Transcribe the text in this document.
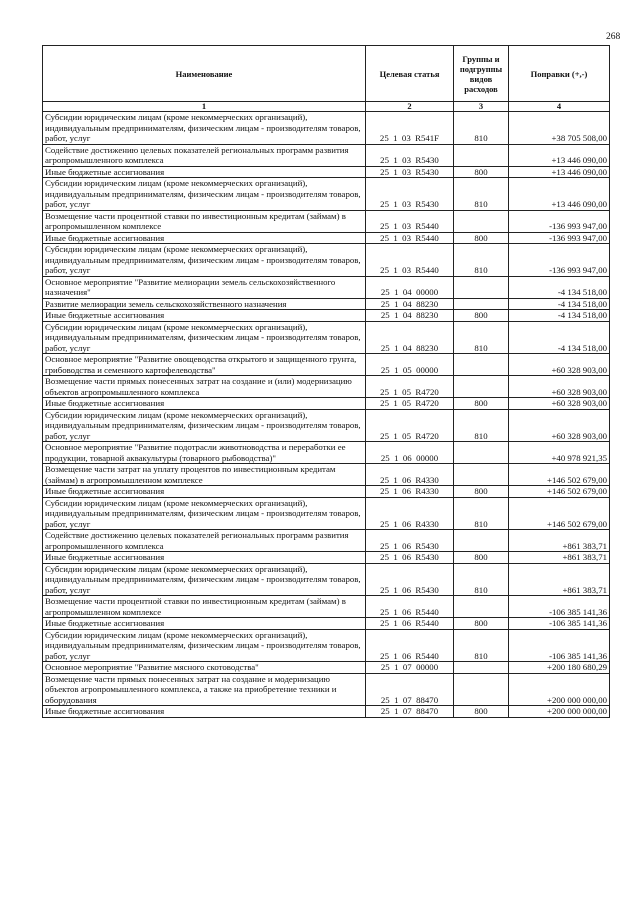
268
Наименование	Целевая статья	Группы и подгруппы видов расходов	Поправки (+,-)
1	2	3	4
Субсидии юридическим лицам (кроме некоммерческих организаций), индивидуальным предпринимателям, физическим лицам - производителям товаров, работ, услуг	25  1  03  R541F	810	+38 705 508,00
Содействие достижению целевых показателей региональных программ развития агропромышленного комплекса	25  1  03  R5430		+13 446 090,00
Иные бюджетные ассигнования	25  1  03  R5430	800	+13 446 090,00
Субсидии юридическим лицам (кроме некоммерческих организаций), индивидуальным предпринимателям, физическим лицам - производителям товаров, работ, услуг	25  1  03  R5430	810	+13 446 090,00
Возмещение части процентной ставки по инвестиционным кредитам (займам) в агропромышленном комплексе	25  1  03  R5440		-136 993 947,00
Иные бюджетные ассигнования	25  1  03  R5440	800	-136 993 947,00
Субсидии юридическим лицам (кроме некоммерческих организаций), индивидуальным предпринимателям, физическим лицам - производителям товаров, работ, услуг	25  1  03  R5440	810	-136 993 947,00
Основное мероприятие "Развитие мелиорации земель сельскохозяйственного назначения"	25  1  04  00000		-4 134 518,00
Развитие мелиорации земель сельскохозяйственного назначения	25  1  04  88230		-4 134 518,00
Иные бюджетные ассигнования	25  1  04  88230	800	-4 134 518,00
Субсидии юридическим лицам (кроме некоммерческих организаций), индивидуальным предпринимателям, физическим лицам - производителям товаров, работ, услуг	25  1  04  88230	810	-4 134 518,00
Основное мероприятие "Развитие овощеводства открытого и защищенного грунта, грибоводства и семенного картофелеводства"	25  1  05  00000		+60 328 903,00
Возмещение части прямых понесенных затрат на создание и (или) модернизацию объектов агропромышленного комплекса	25  1  05  R4720		+60 328 903,00
Иные бюджетные ассигнования	25  1  05  R4720	800	+60 328 903,00
Субсидии юридическим лицам (кроме некоммерческих организаций), индивидуальным предпринимателям, физическим лицам - производителям товаров, работ, услуг	25  1  05  R4720	810	+60 328 903,00
Основное мероприятие "Развитие подотрасли животноводства и переработки ее продукции, товарной аквакультуры (товарного рыбоводства)"	25  1  06  00000		+40 978 921,35
Возмещение части затрат на уплату процентов по инвестиционным кредитам (займам) в агропромышленном комплексе	25  1  06  R4330		+146 502 679,00
Иные бюджетные ассигнования	25  1  06  R4330	800	+146 502 679,00
Субсидии юридическим лицам (кроме некоммерческих организаций), индивидуальным предпринимателям, физическим лицам - производителям товаров, работ, услуг	25  1  06  R4330	810	+146 502 679,00
Содействие достижению целевых показателей региональных программ развития агропромышленного комплекса	25  1  06  R5430		+861 383,71
Иные бюджетные ассигнования	25  1  06  R5430	800	+861 383,71
Субсидии юридическим лицам (кроме некоммерческих организаций), индивидуальным предпринимателям, физическим лицам - производителям товаров, работ, услуг	25  1  06  R5430	810	+861 383,71
Возмещение части процентной ставки по инвестиционным кредитам (займам) в агропромышленном комплексе	25  1  06  R5440		-106 385 141,36
Иные бюджетные ассигнования	25  1  06  R5440	800	-106 385 141,36
Субсидии юридическим лицам (кроме некоммерческих организаций), индивидуальным предпринимателям, физическим лицам - производителям товаров, работ, услуг	25  1  06  R5440	810	-106 385 141,36
Основное мероприятие "Развитие мясного скотоводства"	25  1  07  00000		+200 180 680,29
Возмещение части прямых понесенных затрат на создание и модернизацию объектов агропромышленного комплекса, а также на приобретение техники и оборудования	25  1  07  88470		+200 000 000,00
Иные бюджетные ассигнования	25  1  07  88470	800	+200 000 000,00
